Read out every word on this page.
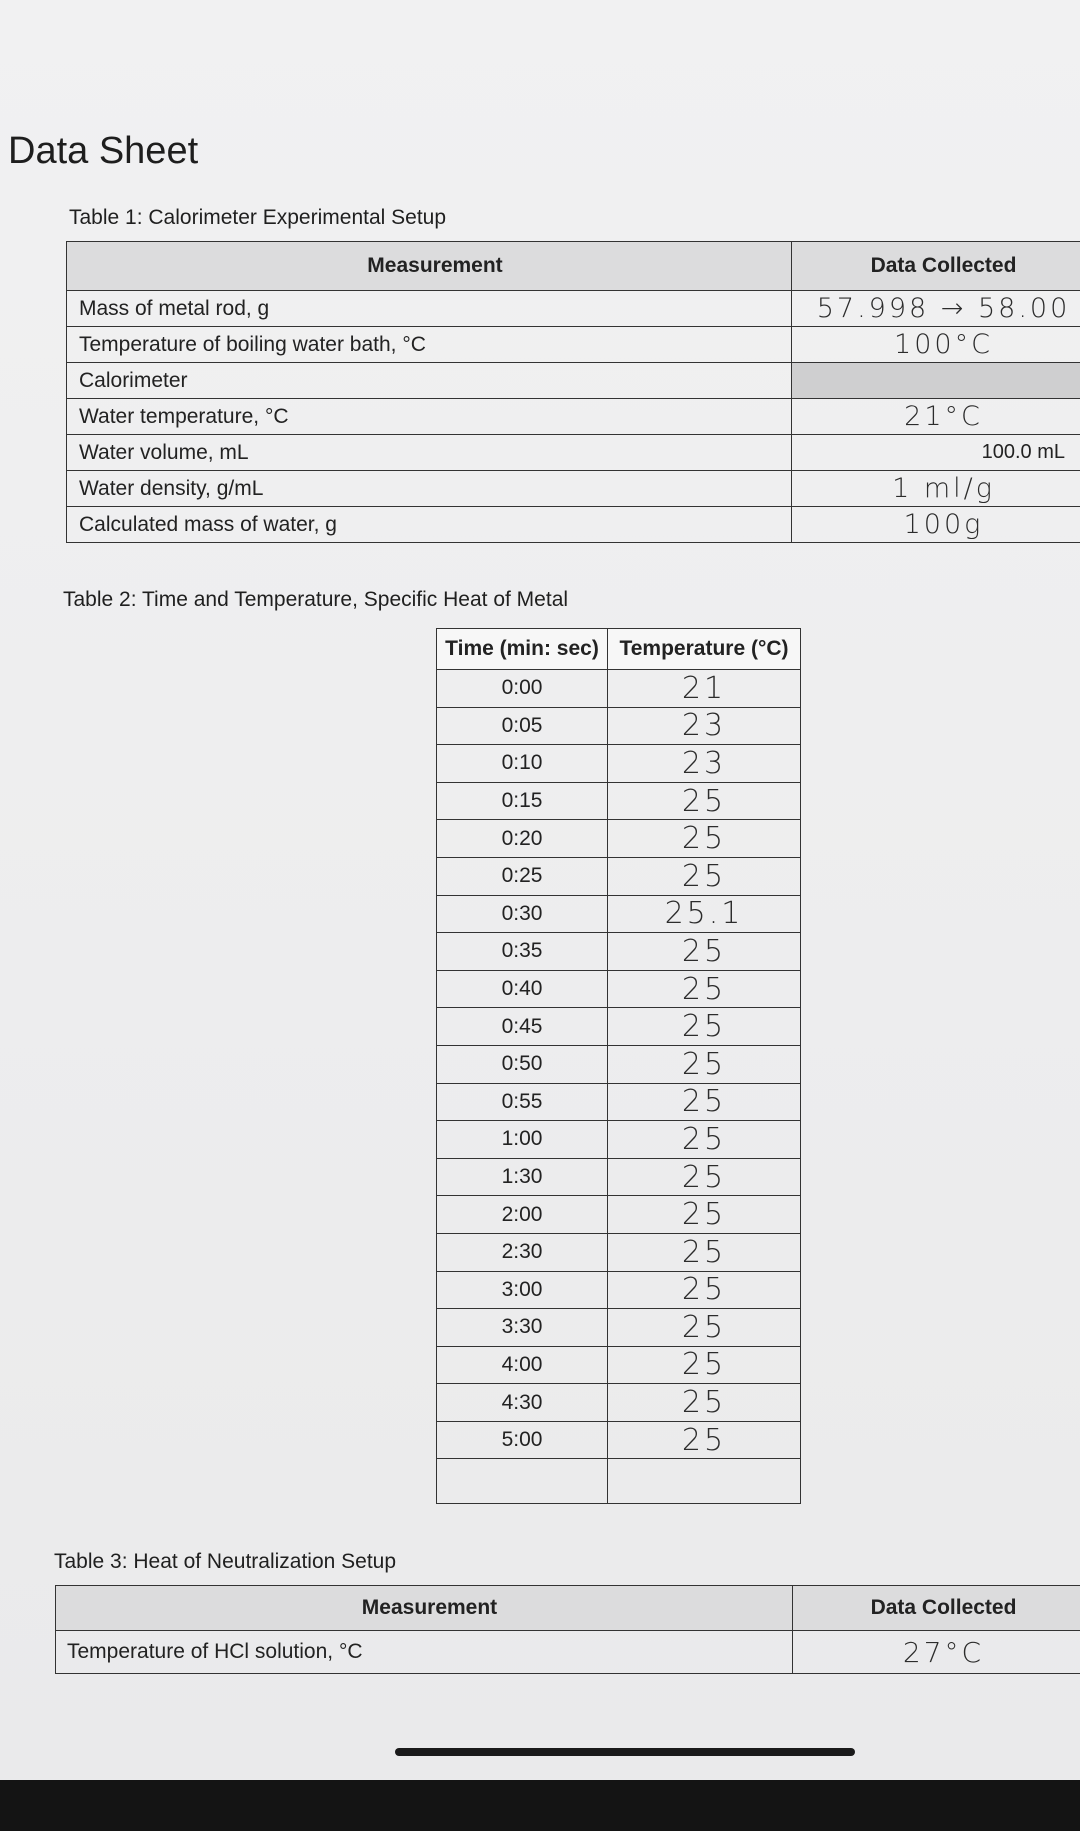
Data Sheet
Table 1: Calorimeter Experimental Setup
Measurement	Data Collected
Mass of metal rod, g	57.998 → 58.00
Temperature of boiling water bath, °C	100°C
Calorimeter	
Water temperature, °C	21°C
Water volume, mL	100.0 mL
Water density, g/mL	1 ml/g
Calculated mass of water, g	100g
Table 2: Time and Temperature, Specific Heat of Metal
Time (min: sec)	Temperature (°C)
0:00	21
0:05	23
0:10	23
0:15	25
0:20	25
0:25	25
0:30	25.1
0:35	25
0:40	25
0:45	25
0:50	25
0:55	25
1:00	25
1:30	25
2:00	25
2:30	25
3:00	25
3:30	25
4:00	25
4:30	25
5:00	25

Table 3: Heat of Neutralization Setup
Measurement	Data Collected
Temperature of HCl solution, °C	27°C
